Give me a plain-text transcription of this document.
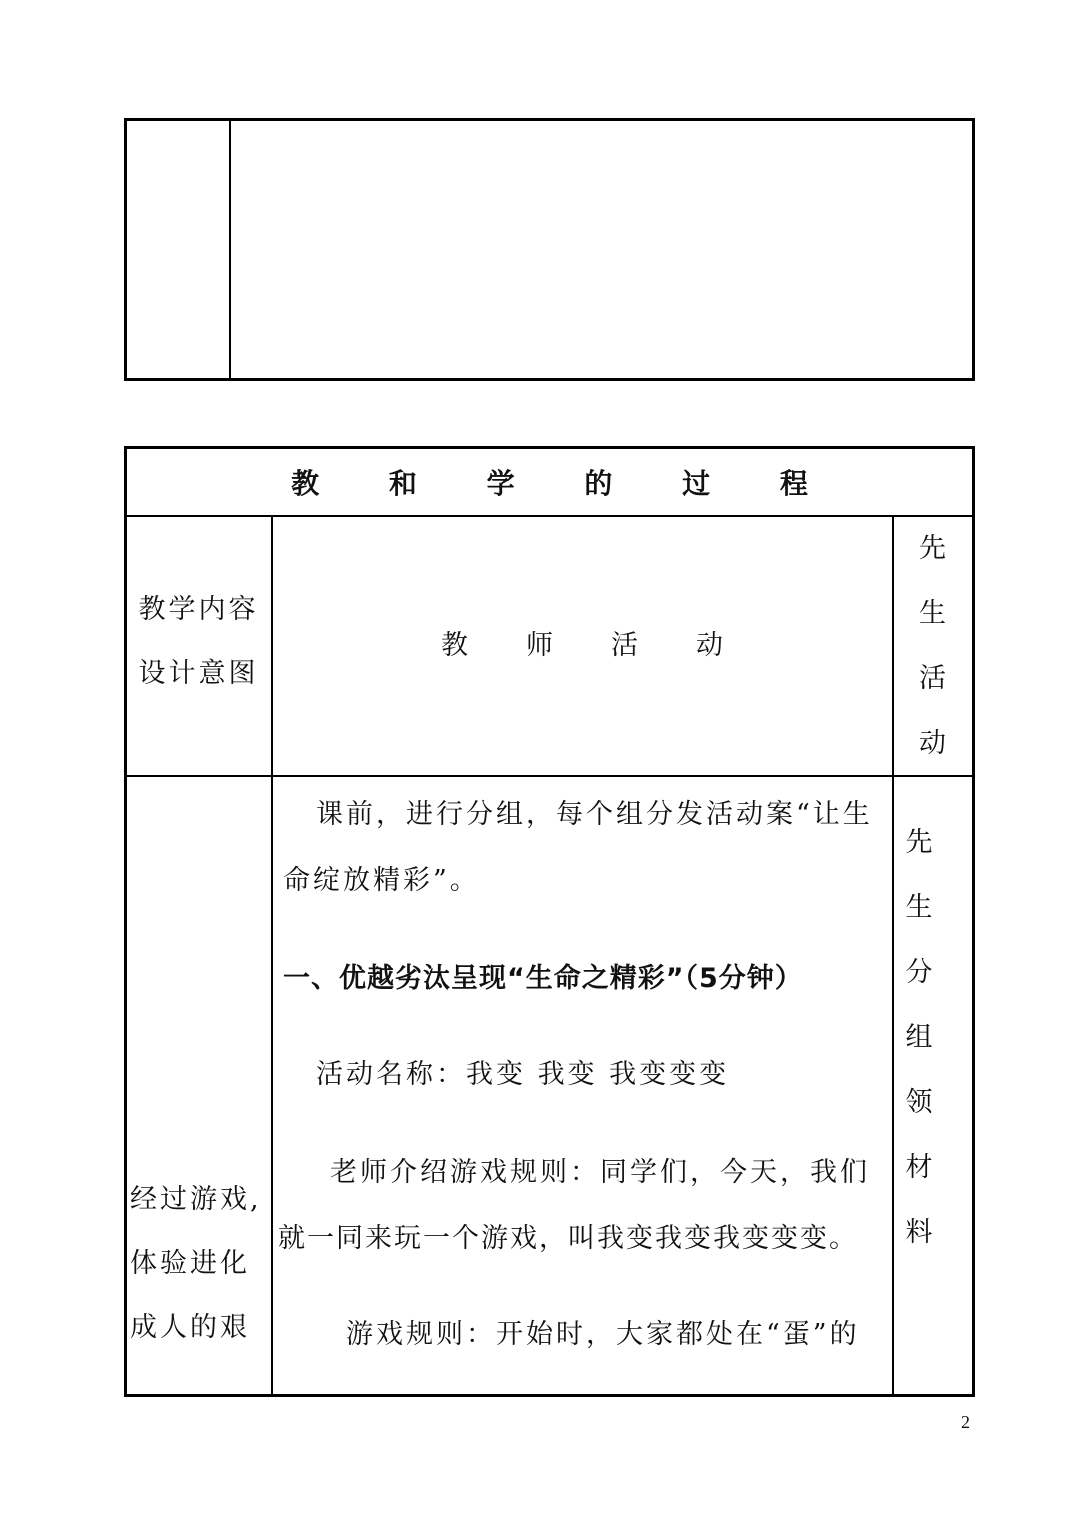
教 和 学 的 过 程
教学内容
设计意图
教 师 活 动
先
生
活
动
经过游戏,
体验进化
成人的艰
课前，进行分组，每个组分发活动案“让生
命绽放精彩”。
一、优越劣汰呈现“生命之精彩”（5分钟）
活动名称：我变 我变 我变变变
老师介绍游戏规则：同学们，今天，我们
就一同来玩一个游戏，叫我变我变我变变变。
游戏规则：开始时，大家都处在“蛋”的
先
生
分
组
领
材
料
2
